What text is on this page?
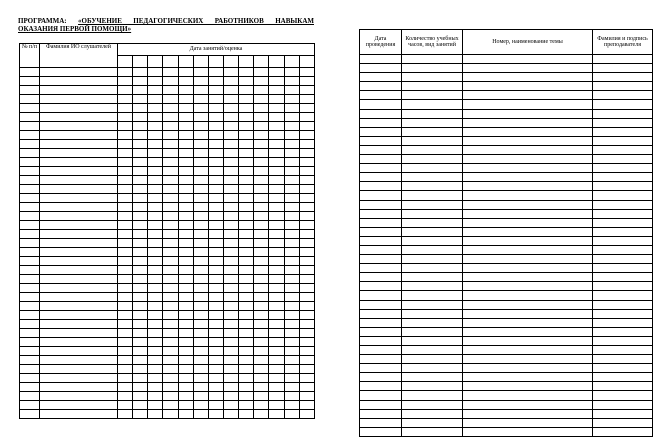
ПРОГРАММА: «ОБУЧЕНИЕ ПЕДАГОГИЧЕСКИХ РАБОТНИКОВ НАВЫКАМ
ОКАЗАНИЯ ПЕРВОЙ ПОМОЩИ»
№ п/п	Фамилия ИО слушателей	Дата занятий/оценка												

Дата проведения	Количество учебных часов, вид занятий	Номер, наименование темы	Фамилия и подпись преподавателя
